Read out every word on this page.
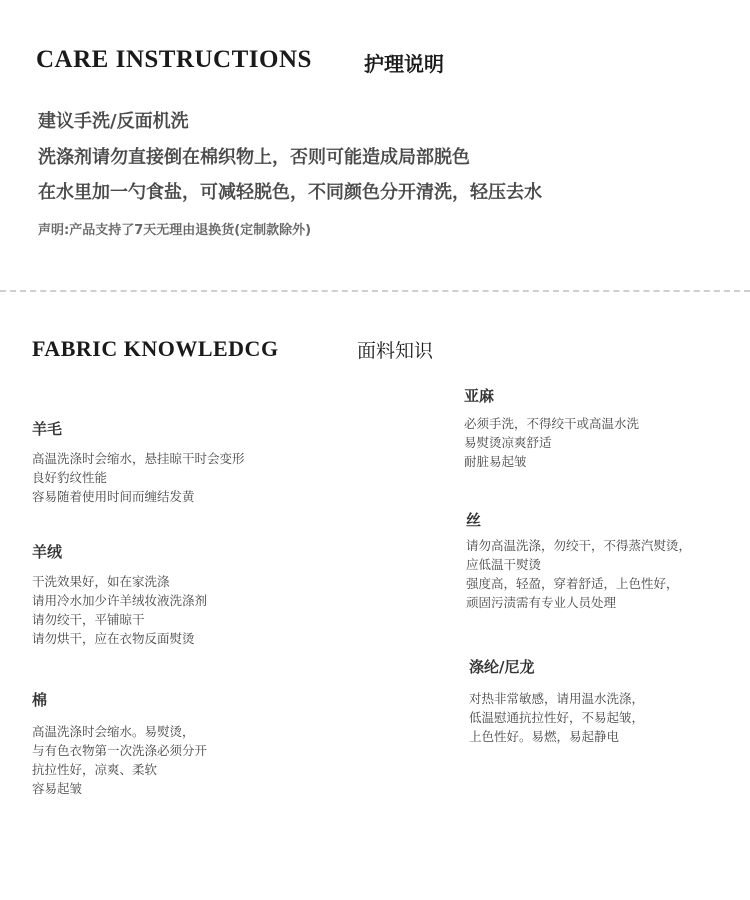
CARE INSTRUCTIONS	护理说明
建议手洗/反面机洗
洗涤剂请勿直接倒在棉织物上，否则可能造成局部脱色
在水里加一勺食盐，可减轻脱色，不同颜色分开清洗，轻压去水
声明:产品支持了7天无理由退换货(定制款除外)
FABRIC KNOWLEDCG	面料知识
羊毛
高温洗涤时会缩水，悬挂晾干时会变形
良好豹纹性能
容易随着使用时间而缠结发黄
羊绒
干洗效果好，如在家洗涤
请用冷水加少许羊绒妆液洗涤剂
请勿绞干，平铺晾干
请勿烘干，应在衣物反面熨烫
棉
高温洗涤时会缩水。易熨烫，
与有色衣物第一次洗涤必须分开
抗拉性好，凉爽、柔软
容易起皱
亚麻
必须手洗，不得绞干或高温水洗
易熨烫凉爽舒适
耐脏易起皱
丝
请勿高温洗涤，勿绞干，不得蒸汽熨烫，
应低温干熨烫
强度高，轻盈，穿着舒适，上色性好，
顽固污渍需有专业人员处理
涤纶/尼龙
对热非常敏感，请用温水洗涤，
低温慰通抗拉性好，不易起皱，
上色性好。易燃，易起静电
